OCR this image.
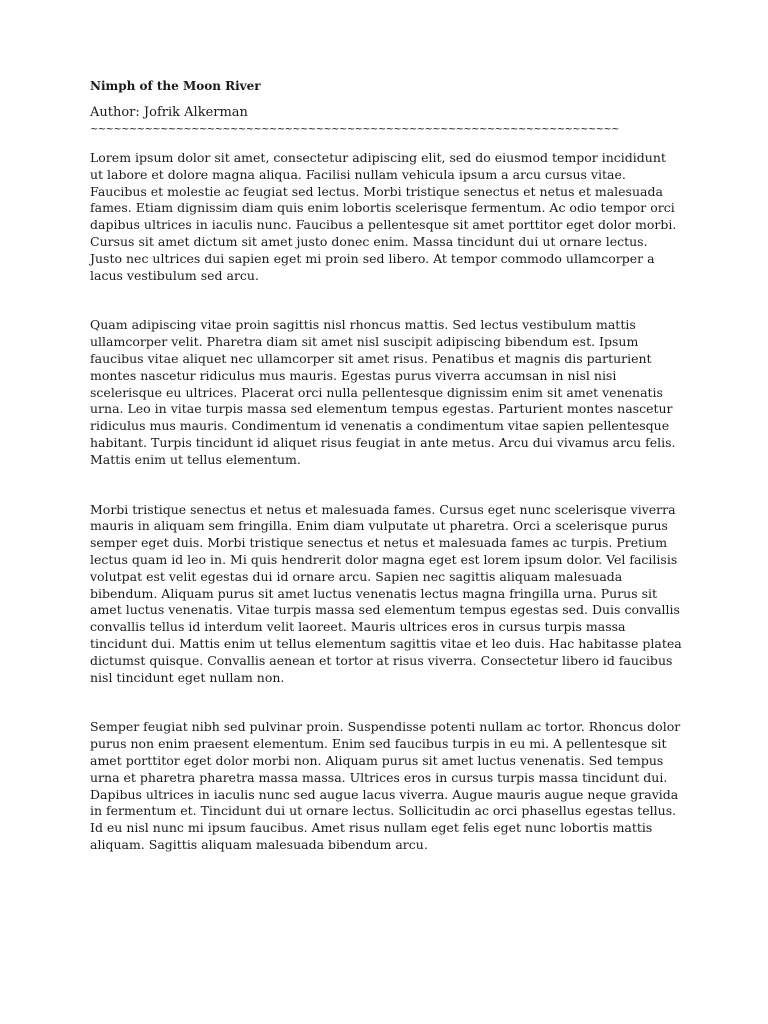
Nimph of the Moon River
Author: Jofrik Alkerman
~~~~~~~~~~~~~~~~~~~~~~~~~~~~~~~~~~~~~~~~~~~~~~~~~~~~~~~~~~~~~~~~~~~~

Lorem ipsum dolor sit amet, consectetur adipiscing elit, sed do eiusmod tempor incididunt ut labore et dolore magna aliqua. Facilisi nullam vehicula ipsum a arcu cursus vitae. Faucibus et molestie ac feugiat sed lectus. Morbi tristique senectus et netus et malesuada fames. Etiam dignissim diam quis enim lobortis scelerisque fermentum. Ac odio tempor orci dapibus ultrices in iaculis nunc. Faucibus a pellentesque sit amet porttitor eget dolor morbi. Cursus sit amet dictum sit amet justo donec enim. Massa tincidunt dui ut ornare lectus. Justo nec ultrices dui sapien eget mi proin sed libero. At tempor commodo ullamcorper a lacus vestibulum sed arcu.

Quam adipiscing vitae proin sagittis nisl rhoncus mattis. Sed lectus vestibulum mattis ullamcorper velit. Pharetra diam sit amet nisl suscipit adipiscing bibendum est. Ipsum faucibus vitae aliquet nec ullamcorper sit amet risus. Penatibus et magnis dis parturient montes nascetur ridiculus mus mauris. Egestas purus viverra accumsan in nisl nisi scelerisque eu ultrices. Placerat orci nulla pellentesque dignissim enim sit amet venenatis urna. Leo in vitae turpis massa sed elementum tempus egestas. Parturient montes nascetur ridiculus mus mauris. Condimentum id venenatis a condimentum vitae sapien pellentesque habitant. Turpis tincidunt id aliquet risus feugiat in ante metus. Arcu dui vivamus arcu felis. Mattis enim ut tellus elementum.

Morbi tristique senectus et netus et malesuada fames. Cursus eget nunc scelerisque viverra mauris in aliquam sem fringilla. Enim diam vulputate ut pharetra. Orci a scelerisque purus semper eget duis. Morbi tristique senectus et netus et malesuada fames ac turpis. Pretium lectus quam id leo in. Mi quis hendrerit dolor magna eget est lorem ipsum dolor. Vel facilisis volutpat est velit egestas dui id ornare arcu. Sapien nec sagittis aliquam malesuada bibendum. Aliquam purus sit amet luctus venenatis lectus magna fringilla urna. Purus sit amet luctus venenatis. Vitae turpis massa sed elementum tempus egestas sed. Duis convallis convallis tellus id interdum velit laoreet. Mauris ultrices eros in cursus turpis massa tincidunt dui. Mattis enim ut tellus elementum sagittis vitae et leo duis. Hac habitasse platea dictumst quisque. Convallis aenean et tortor at risus viverra. Consectetur libero id faucibus nisl tincidunt eget nullam non.

Semper feugiat nibh sed pulvinar proin. Suspendisse potenti nullam ac tortor. Rhoncus dolor purus non enim praesent elementum. Enim sed faucibus turpis in eu mi. A pellentesque sit amet porttitor eget dolor morbi non. Aliquam purus sit amet luctus venenatis. Sed tempus urna et pharetra pharetra massa massa. Ultrices eros in cursus turpis massa tincidunt dui. Dapibus ultrices in iaculis nunc sed augue lacus viverra. Augue mauris augue neque gravida in fermentum et. Tincidunt dui ut ornare lectus. Sollicitudin ac orci phasellus egestas tellus. Id eu nisl nunc mi ipsum faucibus. Amet risus nullam eget felis eget nunc lobortis mattis aliquam. Sagittis aliquam malesuada bibendum arcu.
